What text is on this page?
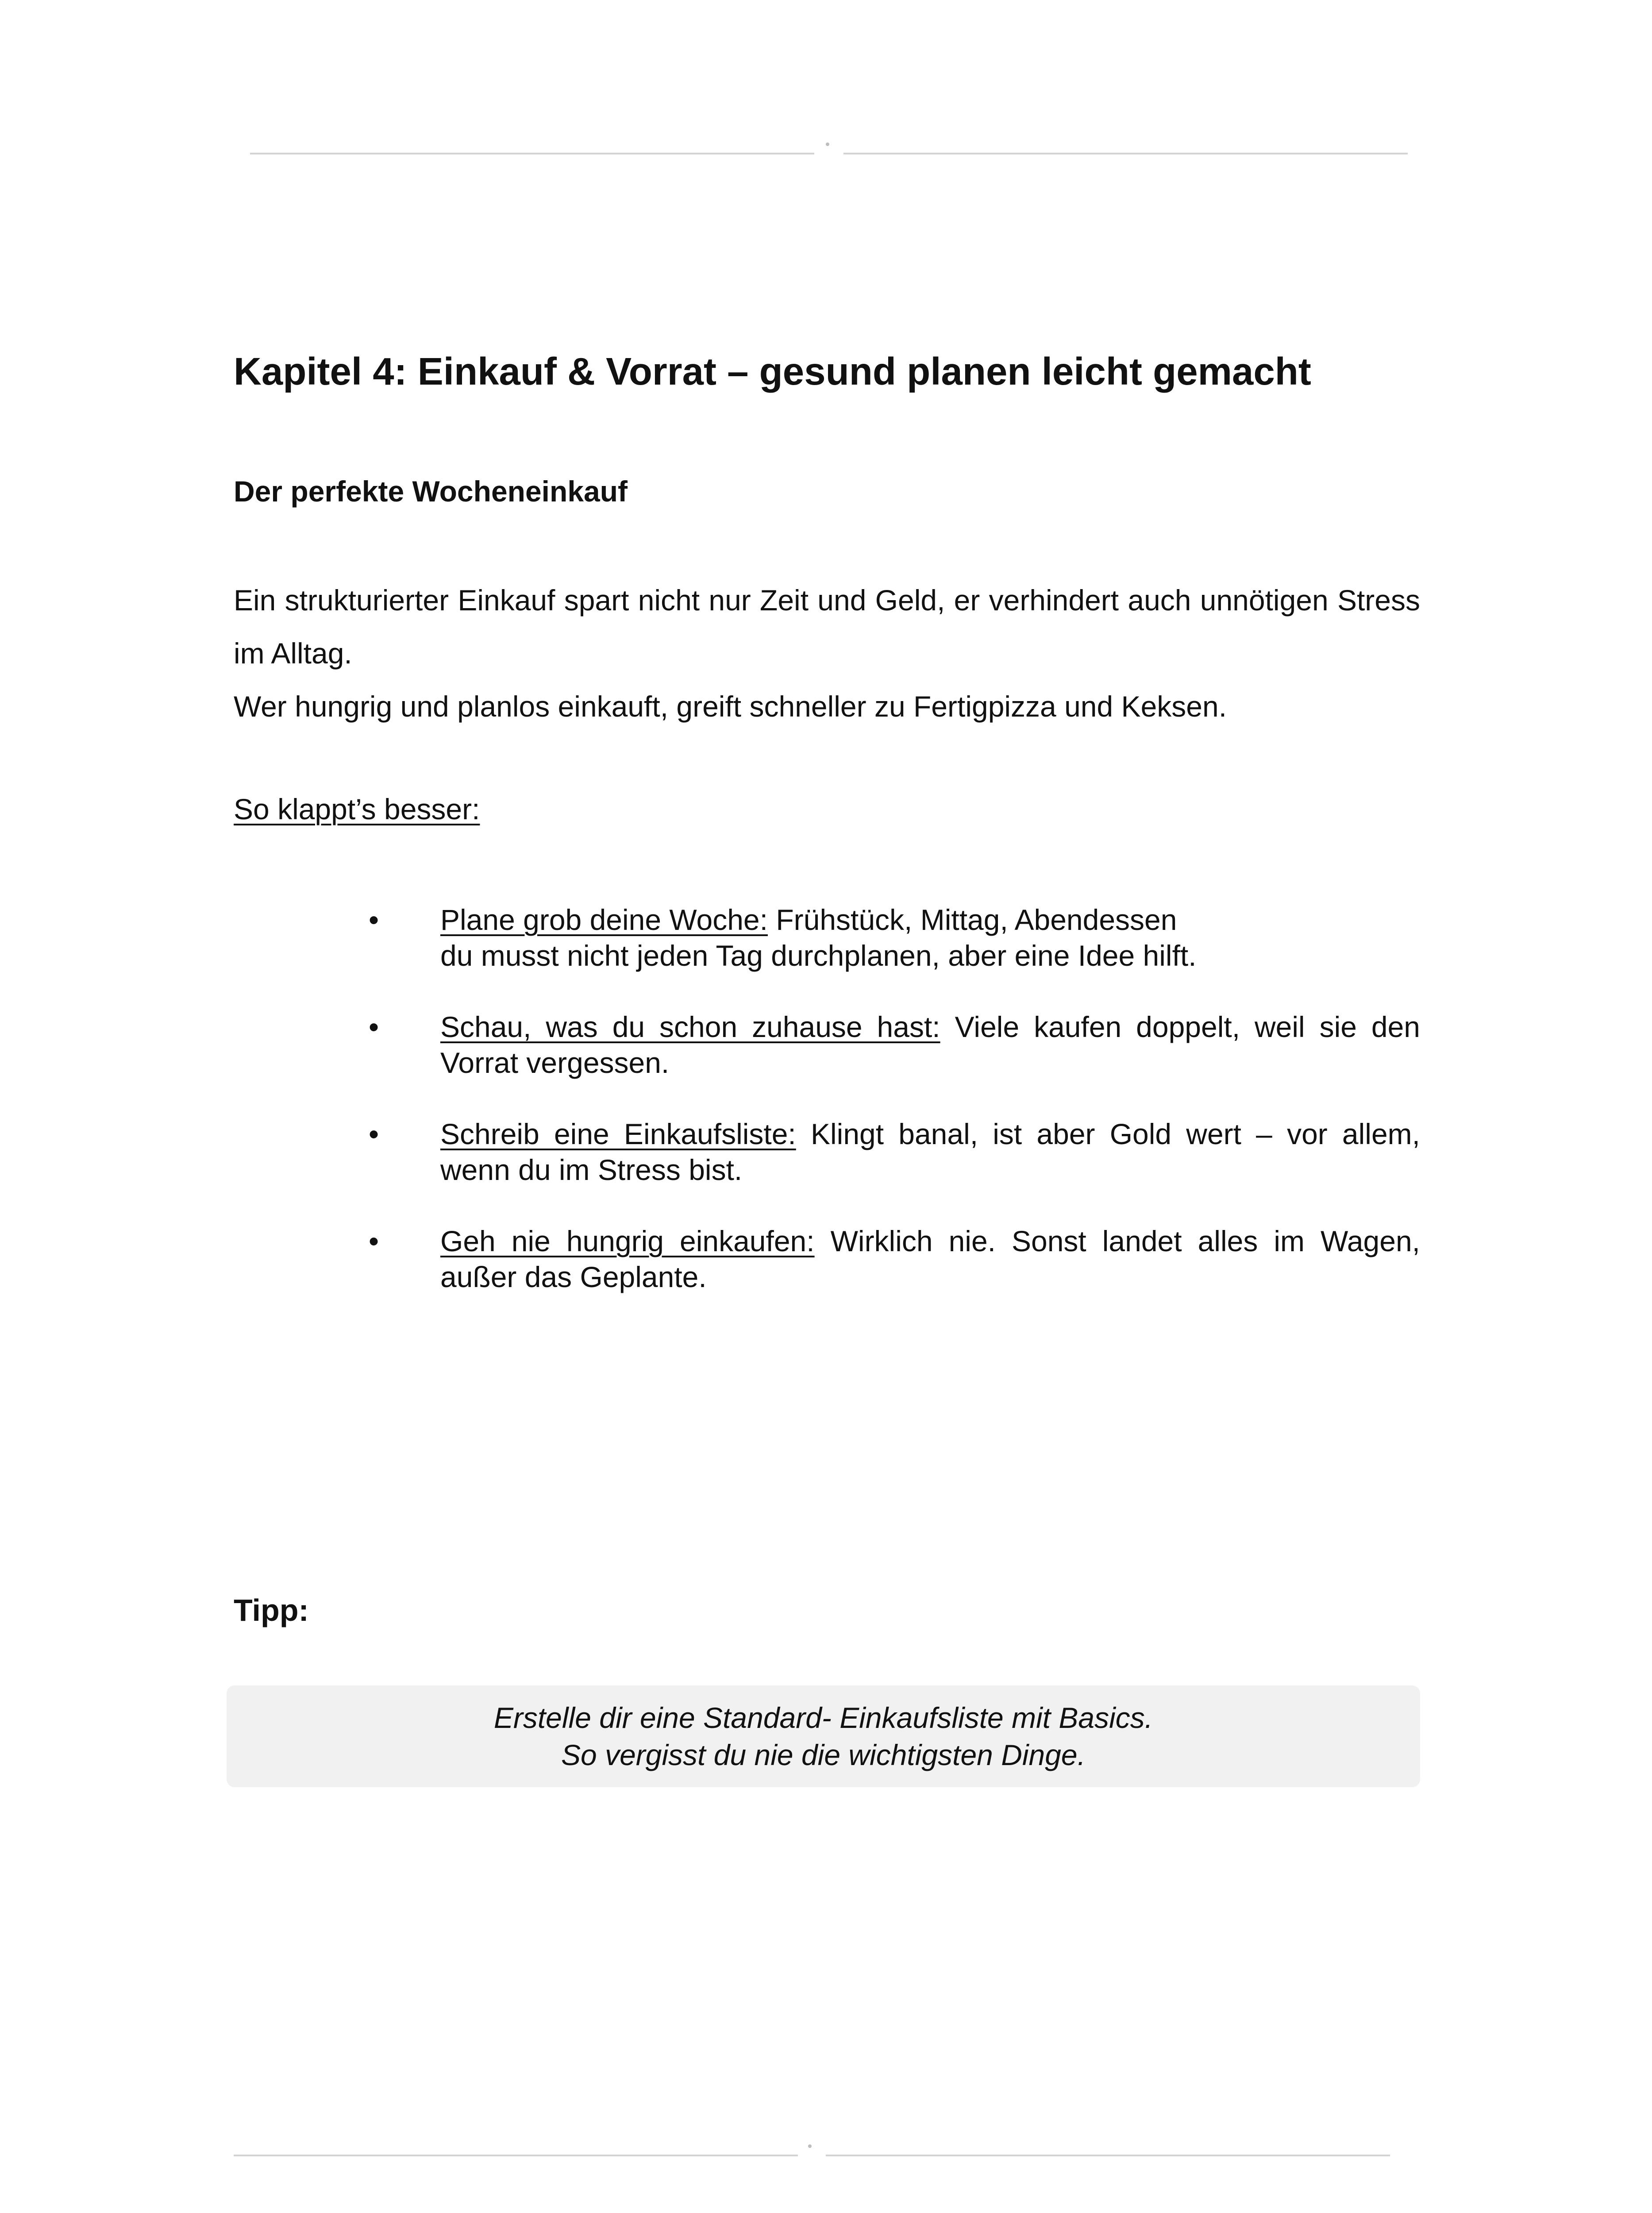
Kapitel 4: Einkauf & Vorrat – gesund planen leicht gemacht
Der perfekte Wocheneinkauf

Ein strukturierter Einkauf spart nicht nur Zeit und Geld, er verhindert auch unnötigen Stress im Alltag.

Wer hungrig und planlos einkauft, greift schneller zu Fertigpizza und Keksen.

So klappt’s besser:
• Plane grob deine Woche: Frühstück, Mittag, Abendessen
du musst nicht jeden Tag durchplanen, aber eine Idee hilft.
• Schau, was du schon zuhause hast: Viele kaufen doppelt, weil sie den Vorrat vergessen.
• Schreib eine Einkaufsliste: Klingt banal, ist aber Gold wert – vor allem, wenn du im Stress bist.
• Geh nie hungrig einkaufen: Wirklich nie. Sonst landet alles im Wagen, außer das Geplante.
Tipp:
Erstelle dir eine Standard- Einkaufsliste mit Basics.
So vergisst du nie die wichtigsten Dinge.
